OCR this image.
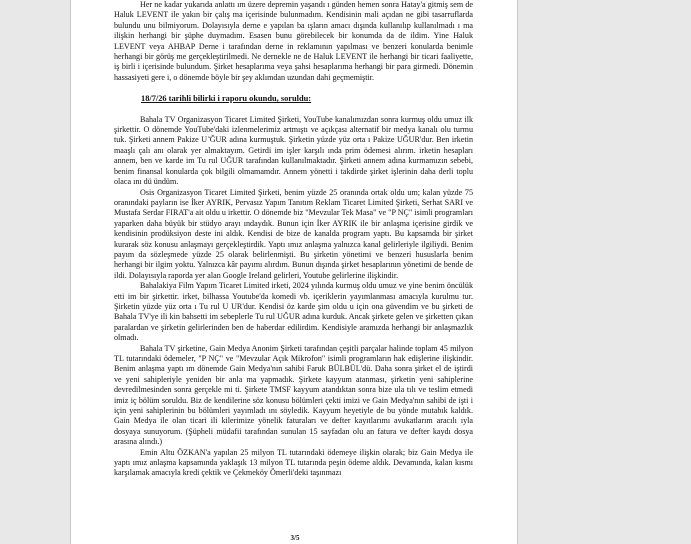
Her ne kadar yukarıda anlattı ım üzere depremin yaşandı ı günden hemen sonra Hatay'a gitmiş sem de Haluk LEVENT ile yakın bir çalış ma içerisinde bulunmadım. Kendisinin mali açıdan ne gibi tasarruflarda bulundu unu bilmiyorum. Dolayısıyla derne e yapılan ba ışların amacı dışında kullanılıp kullanılmadı ı ma ilişkin herhangi bir şüphe duymadım. Esasen bunu görebilecek bir konumda da de ildim. Yine Haluk LEVENT veya AHBAP Derne i tarafından derne in reklamının yapılması ve benzeri konularda benimle herhangi bir görüş me gerçekleştirilmedi. Ne dernekle ne de Haluk LEVENT ile herhangi bir ticari faaliyette, iş birli i içerisinde bulundum. Şirket hesaplarıma veya şahsi hesaplarıma herhangi bir para girmedi. Dönemin hassasiyeti gere i, o dönemde böyle bir şey aklımdan uzundan dahi geçmemiştir.

18/7/26 tarihli bilirki i raporu okundu, soruldu:

Bahala TV Organizasyon Ticaret Limited Şirketi, YouTube kanalımızdan sonra kurmuş oldu umuz ilk şirkettir. O dönemde YouTube'daki izlenmelerimiz artmıştı ve açıkçası alternatif bir medya kanalı olu turmu tuk. Şirketi annem Pakize U ̆ĞUR adına kurmuştuk. Şirketin yüzde yüz orta ı Pakize UĞUR'dur. Ben irketin maaşlı çalı anı olarak yer almaktayım. Getirdi im işler karşılı ında prim ödemesi alırım. irketin hesapları annem, ben ve karde im Tu rul UĞUR tarafından kullanılmaktadır. Şirketi annem adına kurmamızın sebebi, benim finansal konularda çok bilgili olmamamdır. Annem yönetti i takdirde şirket işlerinin daha derli toplu olaca ını dü ündüm.

Osis Organizasyon Ticaret Limited Şirketi, benim yüzde 25 oranında ortak oldu um; kalan yüzde 75 oranındaki payların ise İker AYRIK, Pervasız Yapım Tanıtım Reklam Ticaret Limited Şirketi, Serhat SARI ve Mustafa Serdar FIRAT'a ait oldu u irkettir. O dönemde biz "Mevzular Tek Masa" ve "P NÇ" isimli programları yaparken daha büyük bir stüdyo arayı ındaydık. Bunun için İker AYRIK ile bir anlaşma içerisine girdik ve kendisinin prodüksiyon deste ini aldık. Kendisi de bize de kanalda program yaptı. Bu kapsamda bir şirket kurarak söz konusu anlaşmayı gerçekleştirdik. Yaptı ımız anlaşma yalnızca kanal gelirleriyle ilgiliydi. Benim payım da sözleşmede yüzde 25 olarak belirlenmişti. Bu şirketin yönetimi ve benzeri hususlarla benim herhangi bir ilgim yoktu. Yalnızca kâr payımı alırdım. Bunun dışında şirket hesaplarının yönetimi de bende de ildi. Dolayısıyla raporda yer alan Google Ireland gelirleri, Youtube gelirlerine ilişkindir.

Bahalakiya Film Yapım Ticaret Limited irketi, 2024 yılında kurmuş oldu umuz ve yine benim öncülük etti im bir şirkettir. irket, bilhassa Youtube'da komedi vb. içeriklerin yayımlanması amacıyla kurulmu tur. Şirketin yüzde yüz orta ı Tu rul U UR'dur. Kendisi öz karde şim oldu u için ona güvendim ve bu şirketi de Bahala TV'ye ili kin bahsetti im sebeplerle Tu rul UĞUR adına kurduk. Ancak şirkete gelen ve şirketten çıkan paralardan ve şirketin gelirlerinden ben de haberdar edilirdim. Kendisiyle aramızda herhangi bir anlaşmazlık olmadı.

Bahala TV şirketine, Gain Medya Anonim Şirketi tarafından çeşitli parçalar halinde toplam 45 milyon TL tutarındaki ödemeler, "P NÇ" ve "Mevzular Açık Mikrofon" isimli programların hak edişlerine ilişkindir. Benim anlaşma yaptı ım dönemde Gain Medya'nın sahibi Faruk BÜLBÜL'dü. Daha sonra şirket el de iştirdi ve yeni sahipleriyle yeniden bir anla ma yapmadık. Şirkete kayyum atanması, şirketin yeni sahiplerine devredilmesinden sonra gerçekle mi ti. Şirkete TMSF kayyum atandıktan sonra bize ula tılı ve teslim etmedi imiz iç bölüm soruldu. Biz de kendilerine söz konusu bölümleri çekti imizi ve Gain Medya'nın sahibi de işti i için yeni sahiplerinin bu bölümleri yayımladı ını söyledik. Kayyum heyetiyle de bu yönde mutabık kaldık. Gain Medya ile olan ticari ili kilerimize yönelik faturaları ve defter kayıtlarımı avukatlarım aracılı ıyla dosyaya sunuyorum. (Şüpheli müdafii tarafından sunulan 15 sayfadan olu an fatura ve defter kaydı dosya arasına alındı.)

Emin Altu ÖZKAN'a yapılan 25 milyon TL tutarındaki ödemeye ilişkin olarak; biz Gain Medya ile yaptı ımız anlaşma kapsamında yaklaşık 13 milyon TL tutarında peşin ödeme aldık. Devamında, kalan kısmı karşılamak amacıyla kredi çektik ve Çekmeköy Ömerli'deki taşınmazı

3/5
